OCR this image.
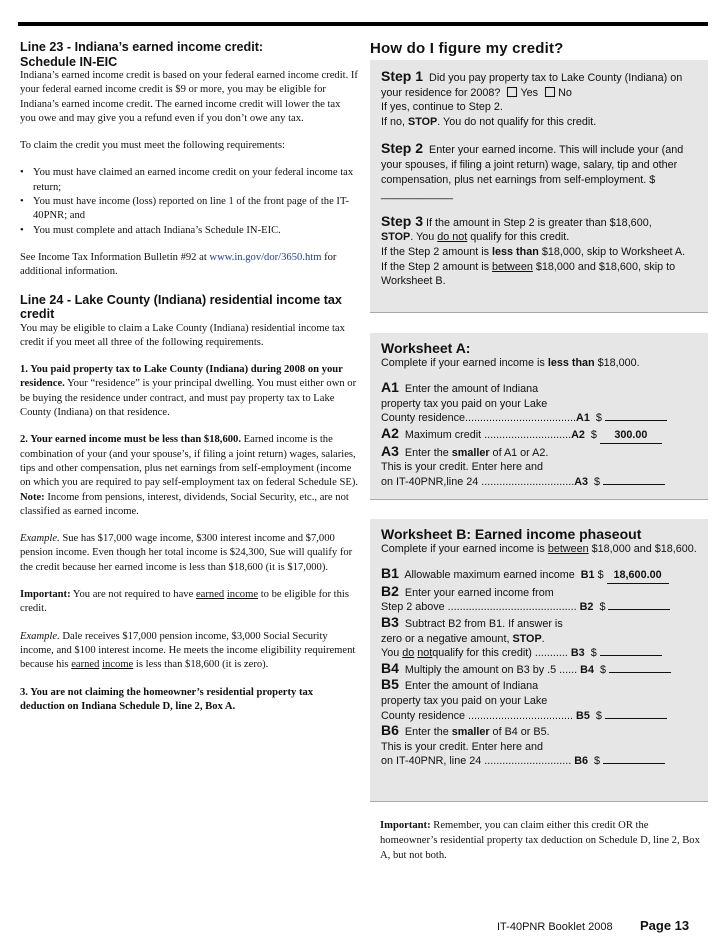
Line 23 - Indiana’s earned income credit:
Schedule IN-EIC

Indiana’s earned income credit is based on your federal earned income credit. If your federal earned income credit is $9 or more, you may be eligible for Indiana’s earned income credit. The earned income credit will lower the tax you owe and may give you a refund even if you don’t owe any tax.

To claim the credit you must meet the following requirements:

• You must have claimed an earned income credit on your federal income tax return;
• You must have income (loss) reported on line 1 of the front page of the IT-40PNR; and
• You must complete and attach Indiana’s Schedule IN-EIC.

See Income Tax Information Bulletin #92 at www.in.gov/dor/3650.htm for additional information.

Line 24 - Lake County (Indiana) residential income tax credit

You may be eligible to claim a Lake County (Indiana) residential income tax credit if you meet all three of the following requirements.

1. You paid property tax to Lake County (Indiana) during 2008 on your residence. Your “residence” is your principal dwelling. You must either own or be buying the residence under contract, and must pay property tax to Lake County (Indiana) on that residence.

2. Your earned income must be less than $18,600. Earned income is the combination of your (and your spouse’s, if filing a joint return) wages, salaries, tips and other compensation, plus net earnings from self-employment (income on which you are required to pay self-employment tax on federal Schedule SE). Note: Income from pensions, interest, dividends, Social Security, etc., are not classified as earned income.

Example. Sue has $17,000 wage income, $300 interest income and $7,000 pension income. Even though her total income is $24,300, Sue will qualify for the credit because her earned income is less than $18,600 (it is $17,000).

Important: You are not required to have earned income to be eligible for this credit.

Example. Dale receives $17,000 pension income, $3,000 Social Security income, and $100 interest income. He meets the income eligibility requirement because his earned income is less than $18,600 (it is zero).

3. You are not claiming the homeowner’s residential property tax deduction on Indiana Schedule D, line 2, Box A.

How do I figure my credit?
Step 1 Did you pay property tax to Lake County (Indiana) on your residence for 2008? Yes No
If yes, continue to Step 2.
If no, STOP. You do not qualify for this credit.
Step 2 Enter your earned income. This will include your (and your spouses, if filing a joint return) wage, salary, tip and other compensation, plus net earnings from self-employment. $ ____________
Step 3 If the amount in Step 2 is greater than $18,600,
STOP. You do not qualify for this credit.
If the Step 2 amount is less than $18,000, skip to Worksheet A.
If the Step 2 amount is between $18,000 and $18,600, skip to Worksheet B.
Worksheet A:
Complete if your earned income is less than $18,000.
A1 Enter the amount of Indiana
property tax you paid on your Lake
County residence.....................................A1 $
A2 Maximum credit .............................A2 $ 300.00
A3 Enter the smaller of A1 or A2.
This is your credit. Enter here and
on IT-40PNR,line 24 ...............................A3 $
Worksheet B: Earned income phaseout
Complete if your earned income is between $18,000 and $18,600.
B1 Allowable maximum earned income B1 $ 18,600.00
B2 Enter your earned income from
Step 2 above ........................................... B2 $
B3 Subtract B2 from B1. If answer is
zero or a negative amount, STOP.
You do notqualify for this credit) ........... B3 $
B4 Multiply the amount on B3 by .5 ...... B4 $
B5 Enter the amount of Indiana
property tax you paid on your Lake
County residence ................................... B5 $
B6 Enter the smaller of B4 or B5.
This is your credit. Enter here and
on IT-40PNR, line 24 ............................. B6 $
Important: Remember, you can claim either this credit OR the homeowner’s residential property tax deduction on Schedule D, line 2, Box A, but not both.
IT-40PNR Booklet 2008 Page 13
